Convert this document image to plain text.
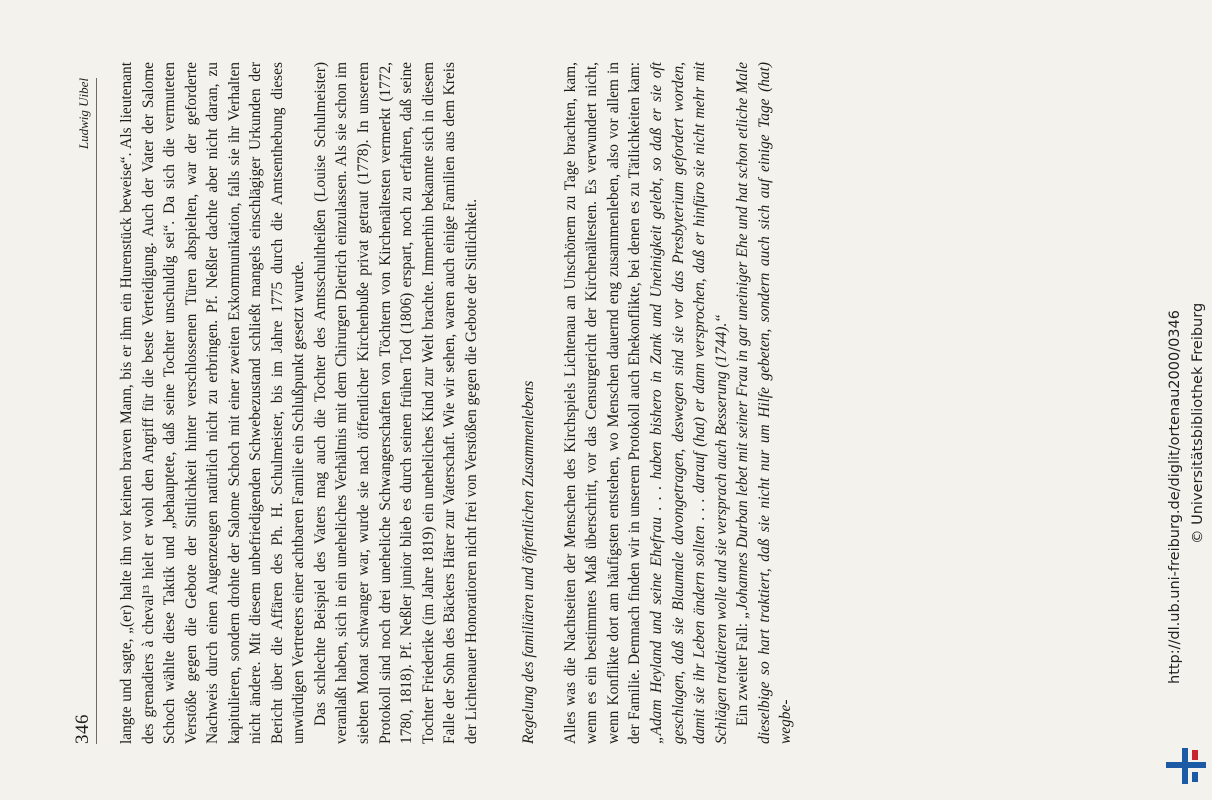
346
Ludwig Uibel langte und sagte, „(er) halte ihn vor keinen braven Mann, bis er ihm ein Hurenstück beweise“. Als lieutenant des grenadiers à cheval¹³ hielt er wohl den Angriff für die beste Verteidigung. Auch der Vater der Salome Schoch wählte diese Taktik und „behauptete, daß seine Tochter unschuldig sei“. Da sich die vermuteten Verstöße gegen die Gebote der Sittlichkeit hinter verschlossenen Türen abspielten, war der geforderte Nachweis durch einen Augenzeugen natürlich nicht zu erbringen. Pf. Neßler dachte aber nicht daran, zu kapitulieren, sondern drohte der Salome Schoch mit einer zweiten Exkommunikation, falls sie ihr Verhalten nicht ändere. Mit diesem unbefriedigenden Schwebezustand schließt mangels einschlägiger Urkunden der Bericht über die Affären des Ph. H. Schulmeister, bis im Jahre 1775 durch die Amtsenthebung dieses unwürdigen Vertreters einer achtbaren Familie ein Schlußpunkt gesetzt wurde. Das schlechte Beispiel des Vaters mag auch die Tochter des Amtsschultheißen (Louise Schulmeister) veranlaßt haben, sich in ein uneheliches Verhältnis mit dem Chirurgen Dietrich einzulassen. Als sie schon im siebten Monat schwanger war, wurde sie nach öffentlicher Kirchenbuße privat getraut (1778). In unserem Protokoll sind noch drei uneheliche Schwangerschaften von Töchtern von Kirchenältesten vermerkt (1772, 1780, 1818). Pf. Neßler junior blieb es durch seinen frühen Tod (1806) erspart, noch zu erfahren, daß seine Tochter Friederike (im Jahre 1819) ein uneheliches Kind zur Welt brachte. Immerhin bekannte sich in diesem Falle der Sohn des Bäckers Härer zur Vaterschaft. Wie wir sehen, waren auch einige Familien aus dem Kreis der Lichtenauer Honoratioren nicht frei von Verstößen gegen die Gebote der Sittlichkeit.	Regelung des familiären und öffentlichen Zusammenlebens Alles was die Nachtseiten der Menschen des Kirchspiels Lichtenau an Unschönem zu Tage brachten, kam, wenn es ein bestimmtes Maß überschritt, vor das Censurgericht der Kirchenältesten. Es verwundert nicht, wenn Konflikte dort am häufigsten entstehen, wo Menschen dauernd eng zusammenleben, also vor allem in der Familie. Demnach finden wir in unserem Protokoll auch Ehekonflikte, bei denen es zu Tätlichkeiten kam: „Adam Heyland und seine Ehefrau . . . haben bishero in Zank und Uneinigkeit gelebt, so daß er sie oft geschlagen, daß sie Blaumale davongetragen, deswegen sind sie vor das Presbyterium gefordert worden, damit sie ihr Leben ändern sollten . . . darauf (hat) er dann versprochen, daß er hinfüro sie nicht mehr mit Schlägen traktieren wolle und sie versprach auch Besserung (1744).“ Ein zweiter Fall: „Johannes Durban lebet mit seiner Frau in gar uneiniger Ehe und hat schon etliche Male dieselbige so hart traktiert, daß sie nicht nur um Hilfe gebeten, sondern auch sich auf einige Tage (hat) wegbe-

http://dl.ub.uni-freiburg.de/diglit/ortenau2000/0346 © Universitätsbibliothek Freiburg
